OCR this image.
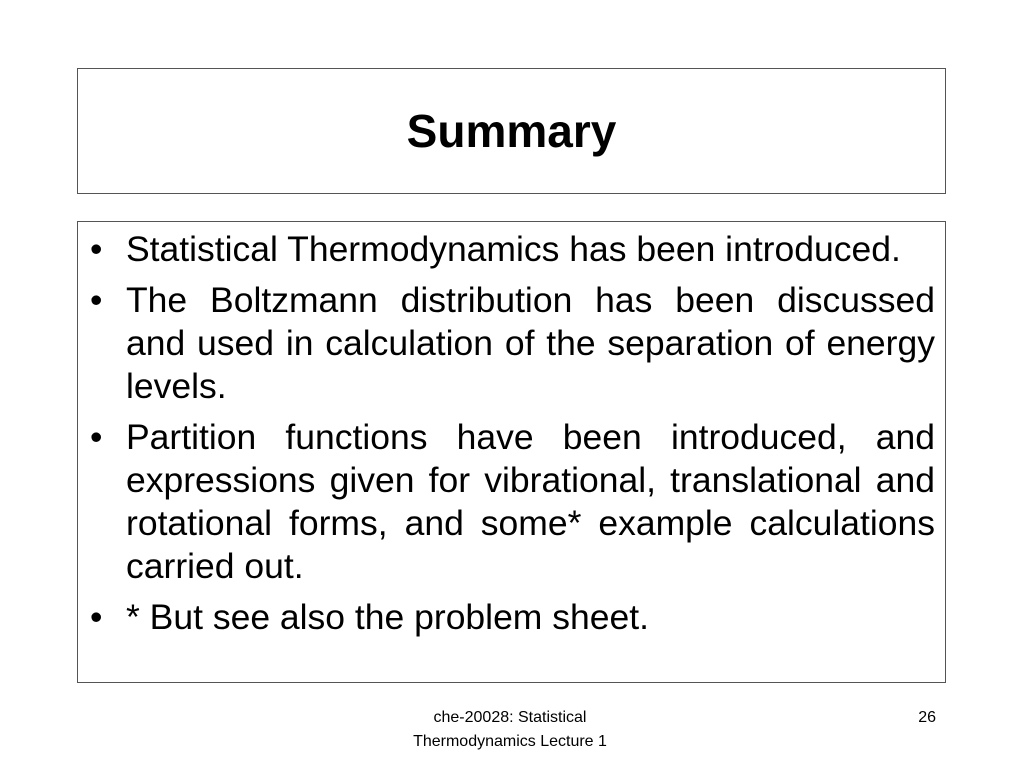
Summary
• Statistical Thermodynamics has been introduced.
• The Boltzmann distribution has been discussed and used in calculation of the separation of energy levels.
• Partition functions have been introduced, and expressions given for vibrational, translational and rotational forms, and some* example calculations carried out.
• * But see also the problem sheet.
che-20028: Statistical
Thermodynamics Lecture 1
26
